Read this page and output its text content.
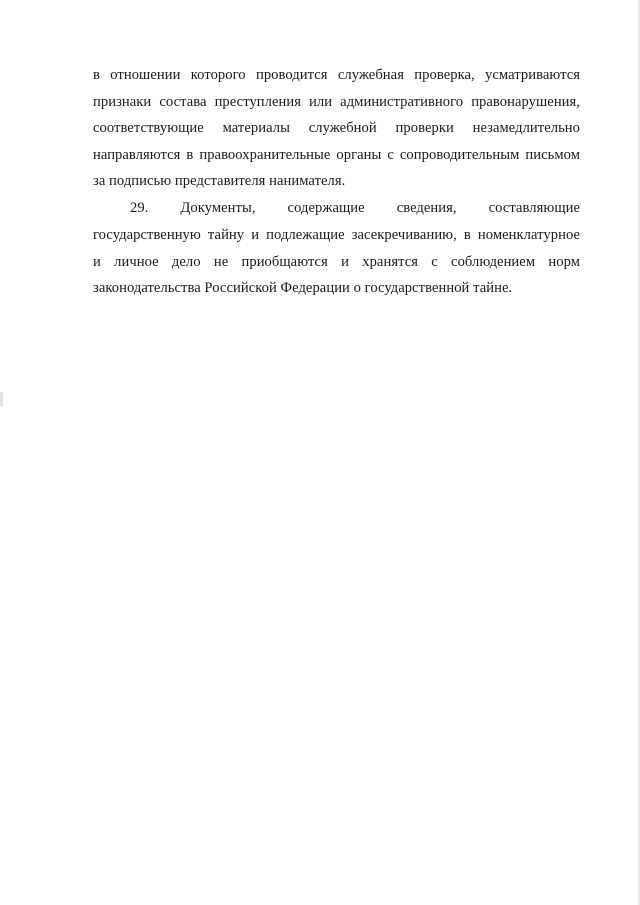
в отношении которого проводится служебная проверка, усматриваются
признаки состава преступления или административного правонарушения,
соответствующие материалы служебной проверки незамедлительно
направляются в правоохранительные органы с сопроводительным письмом
за подписью представителя нанимателя.
29. Документы, содержащие сведения, составляющие
государственную тайну и подлежащие засекречиванию, в номенклатурное
и личное дело не приобщаются и хранятся с соблюдением норм
законодательства Российской Федерации о государственной тайне.
